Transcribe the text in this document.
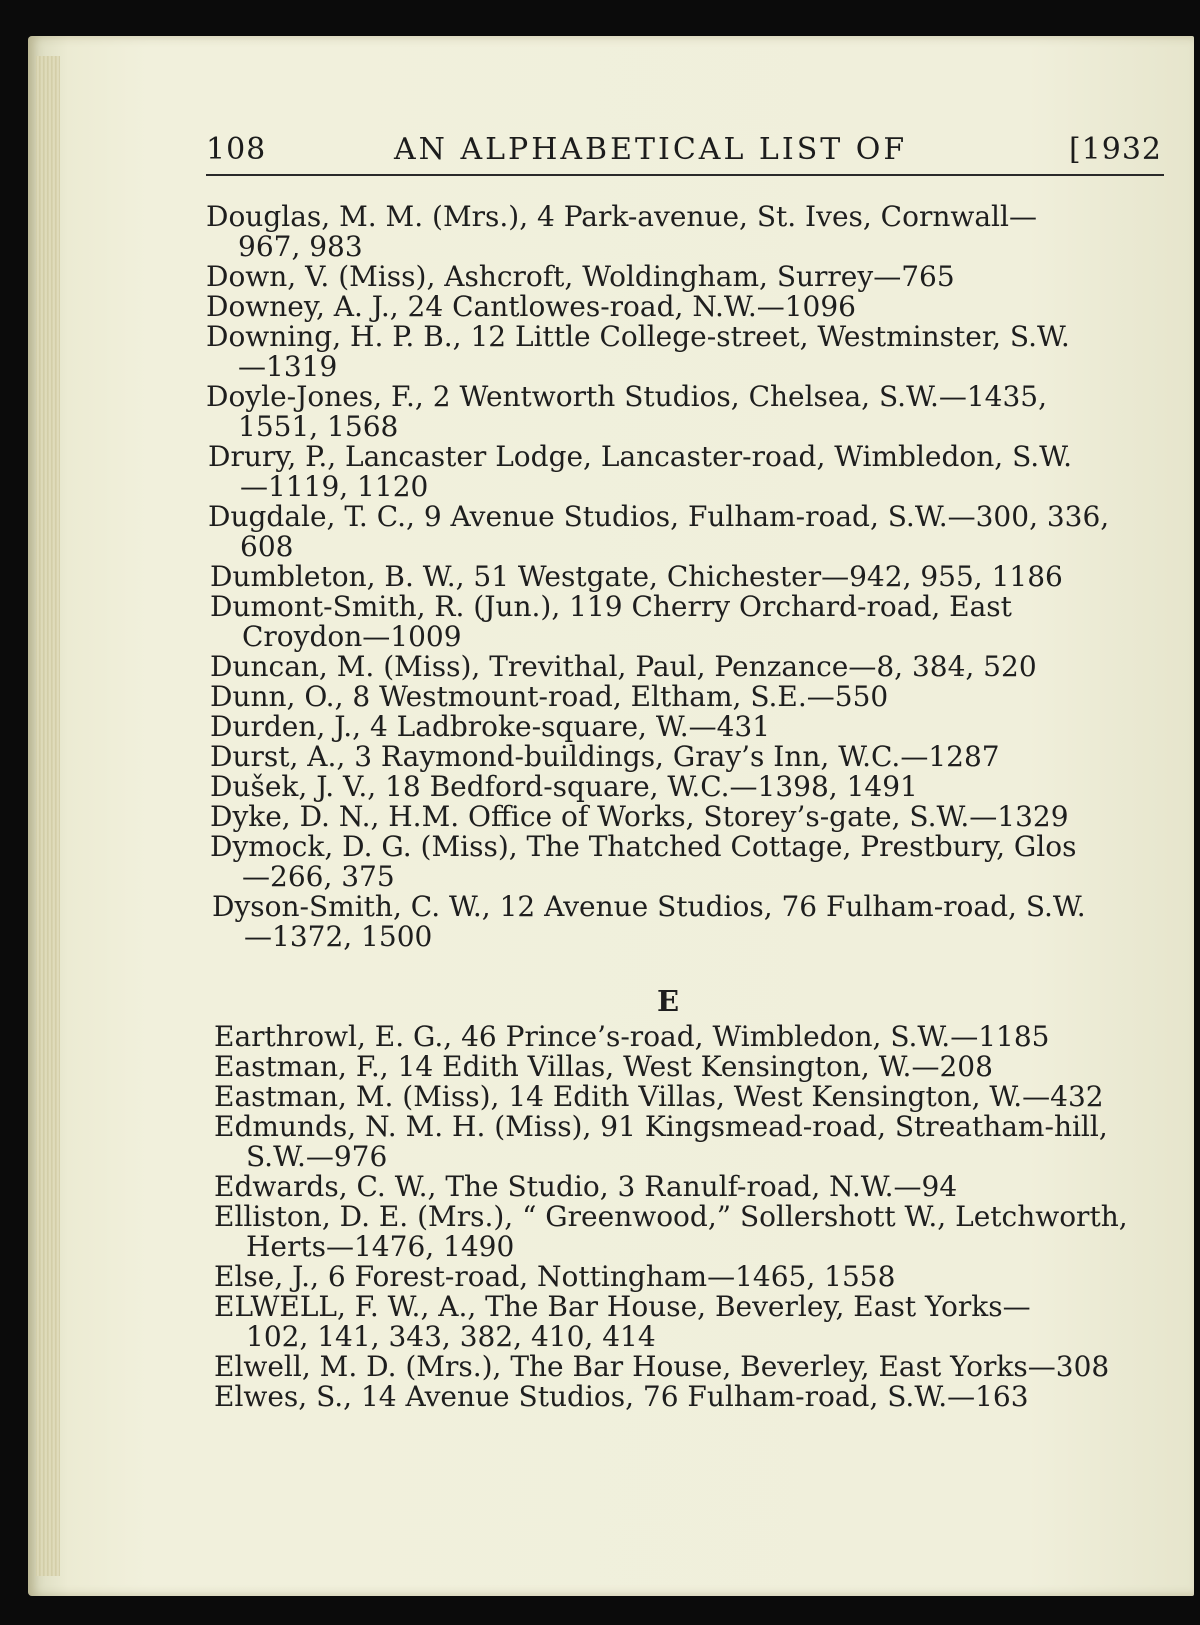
108	AN ALPHABETICAL LIST OF	[1932
Douglas, M. M. (Mrs.), 4 Park-avenue, St. Ives, Cornwall—
967, 983
Down, V. (Miss), Ashcroft, Woldingham, Surrey—765
Downey, A. J., 24 Cantlowes-road, N.W.—1096
Downing, H. P. B., 12 Little College-street, Westminster, S.W.
—1319
Doyle-Jones, F., 2 Wentworth Studios, Chelsea, S.W.—1435,
1551, 1568
Drury, P., Lancaster Lodge, Lancaster-road, Wimbledon, S.W.
—1119, 1120
Dugdale, T. C., 9 Avenue Studios, Fulham-road, S.W.—300, 336,
608
Dumbleton, B. W., 51 Westgate, Chichester—942, 955, 1186
Dumont-Smith, R. (Jun.), 119 Cherry Orchard-road, East
Croydon—1009
Duncan, M. (Miss), Trevithal, Paul, Penzance—8, 384, 520
Dunn, O., 8 Westmount-road, Eltham, S.E.—550
Durden, J., 4 Ladbroke-square, W.—431
Durst, A., 3 Raymond-buildings, Gray’s Inn, W.C.—1287
Dušek, J. V., 18 Bedford-square, W.C.—1398, 1491
Dyke, D. N., H.M. Office of Works, Storey’s-gate, S.W.—1329
Dymock, D. G. (Miss), The Thatched Cottage, Prestbury, Glos
—266, 375
Dyson-Smith, C. W., 12 Avenue Studios, 76 Fulham-road, S.W.
—1372, 1500
E
Earthrowl, E. G., 46 Prince’s-road, Wimbledon, S.W.—1185
Eastman, F., 14 Edith Villas, West Kensington, W.—208
Eastman, M. (Miss), 14 Edith Villas, West Kensington, W.—432
Edmunds, N. M. H. (Miss), 91 Kingsmead-road, Streatham-hill,
S.W.—976
Edwards, C. W., The Studio, 3 Ranulf-road, N.W.—94
Elliston, D. E. (Mrs.), “ Greenwood,” Sollershott W., Letchworth,
Herts—1476, 1490
Else, J., 6 Forest-road, Nottingham—1465, 1558
ELWELL, F. W., A., The Bar House, Beverley, East Yorks—
102, 141, 343, 382, 410, 414
Elwell, M. D. (Mrs.), The Bar House, Beverley, East Yorks—308
Elwes, S., 14 Avenue Studios, 76 Fulham-road, S.W.—163
